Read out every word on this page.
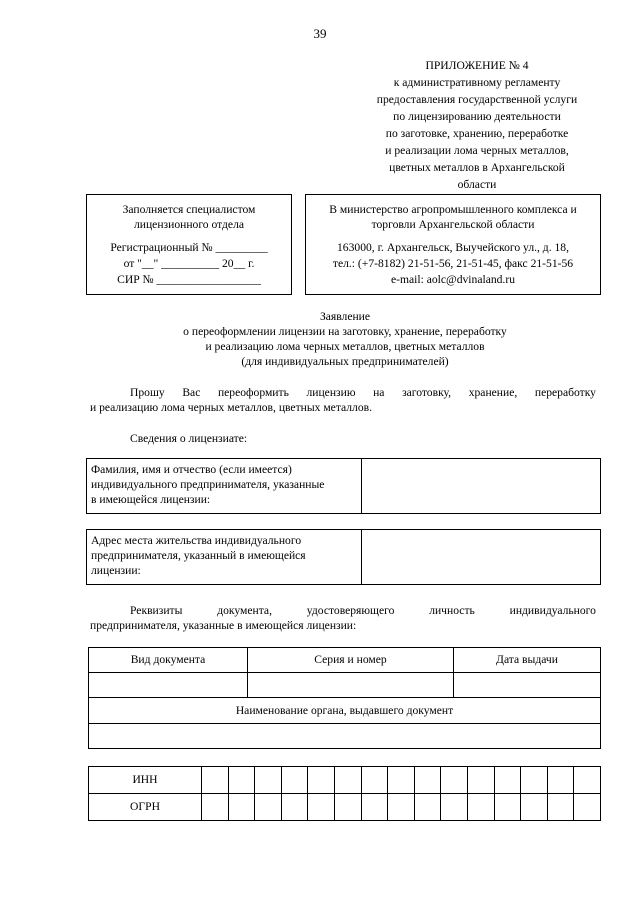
39
ПРИЛОЖЕНИЕ № 4
к административному регламенту
предоставления государственной услуги
по лицензированию деятельности
по заготовке, хранению, переработке
и реализации лома черных металлов,
цветных металлов в Архангельской
области
Заполняется специалистом
лицензионного отдела
Регистрационный № _________
от "__" __________ 20__ г.
СИР № __________________
В министерство агропромышленного комплекса и
торговли Архангельской области
163000, г. Архангельск, Выучейского ул., д. 18,
тел.: (+7-8182) 21-51-56, 21-51-45, факс 21-51-56
e-mail: aolc@dvinaland.ru
Заявление
о переоформлении лицензии на заготовку, хранение, переработку
и реализацию лома черных металлов, цветных металлов
(для индивидуальных предпринимателей)
Прошу Вас переоформить лицензию на заготовку, хранение, переработку
и реализацию лома черных металлов, цветных металлов.
Сведения о лицензиате:
Фамилия, имя и отчество (если имеется)
индивидуального предпринимателя, указанные
в имеющейся лицензии:

Адрес места жительства индивидуального
предпринимателя, указанный в имеющейся
лицензии:

Реквизиты	документа,	удостоверяющего	личность	индивидуального
предпринимателя, указанные в имеющейся лицензии:
Вид документа	Серия и номер	Дата выдачи

Наименование органа, выдавшего документ		

ИНН															
ОГРН															
